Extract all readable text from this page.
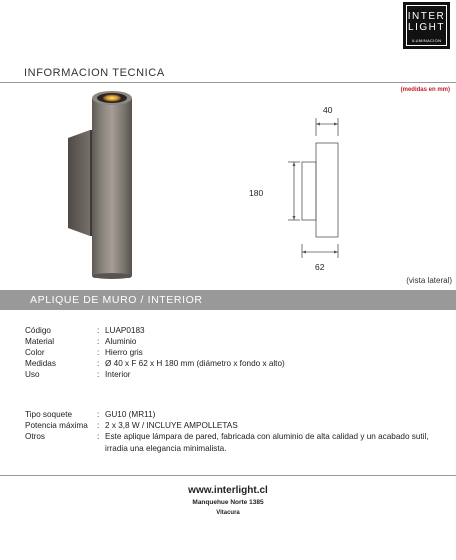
INTER
LIGHT
ILUMINACION
INFORMACION TECNICA
(medidas en mm)
40
180
62
(vista lateral)
APLIQUE DE MURO / INTERIOR
Código	: LUAP0183
Material	: Aluminio
Color	: Hierro gris
Medidas	: Ø 40 x F 62 x H 180 mm (diámetro x fondo x alto)
Uso	: Interior
Tipo soquete	: GU10 (MR11)
Potencia máxima	: 2 x 3,8 W / INCLUYE AMPOLLETAS
Otros	: Este aplique lámpara de pared, fabricada con aluminio de alta calidad y un acabado sutil, irradia una elegancia minimalista.
www.interlight.cl
Manquehue Norte 1385
Vitacura
